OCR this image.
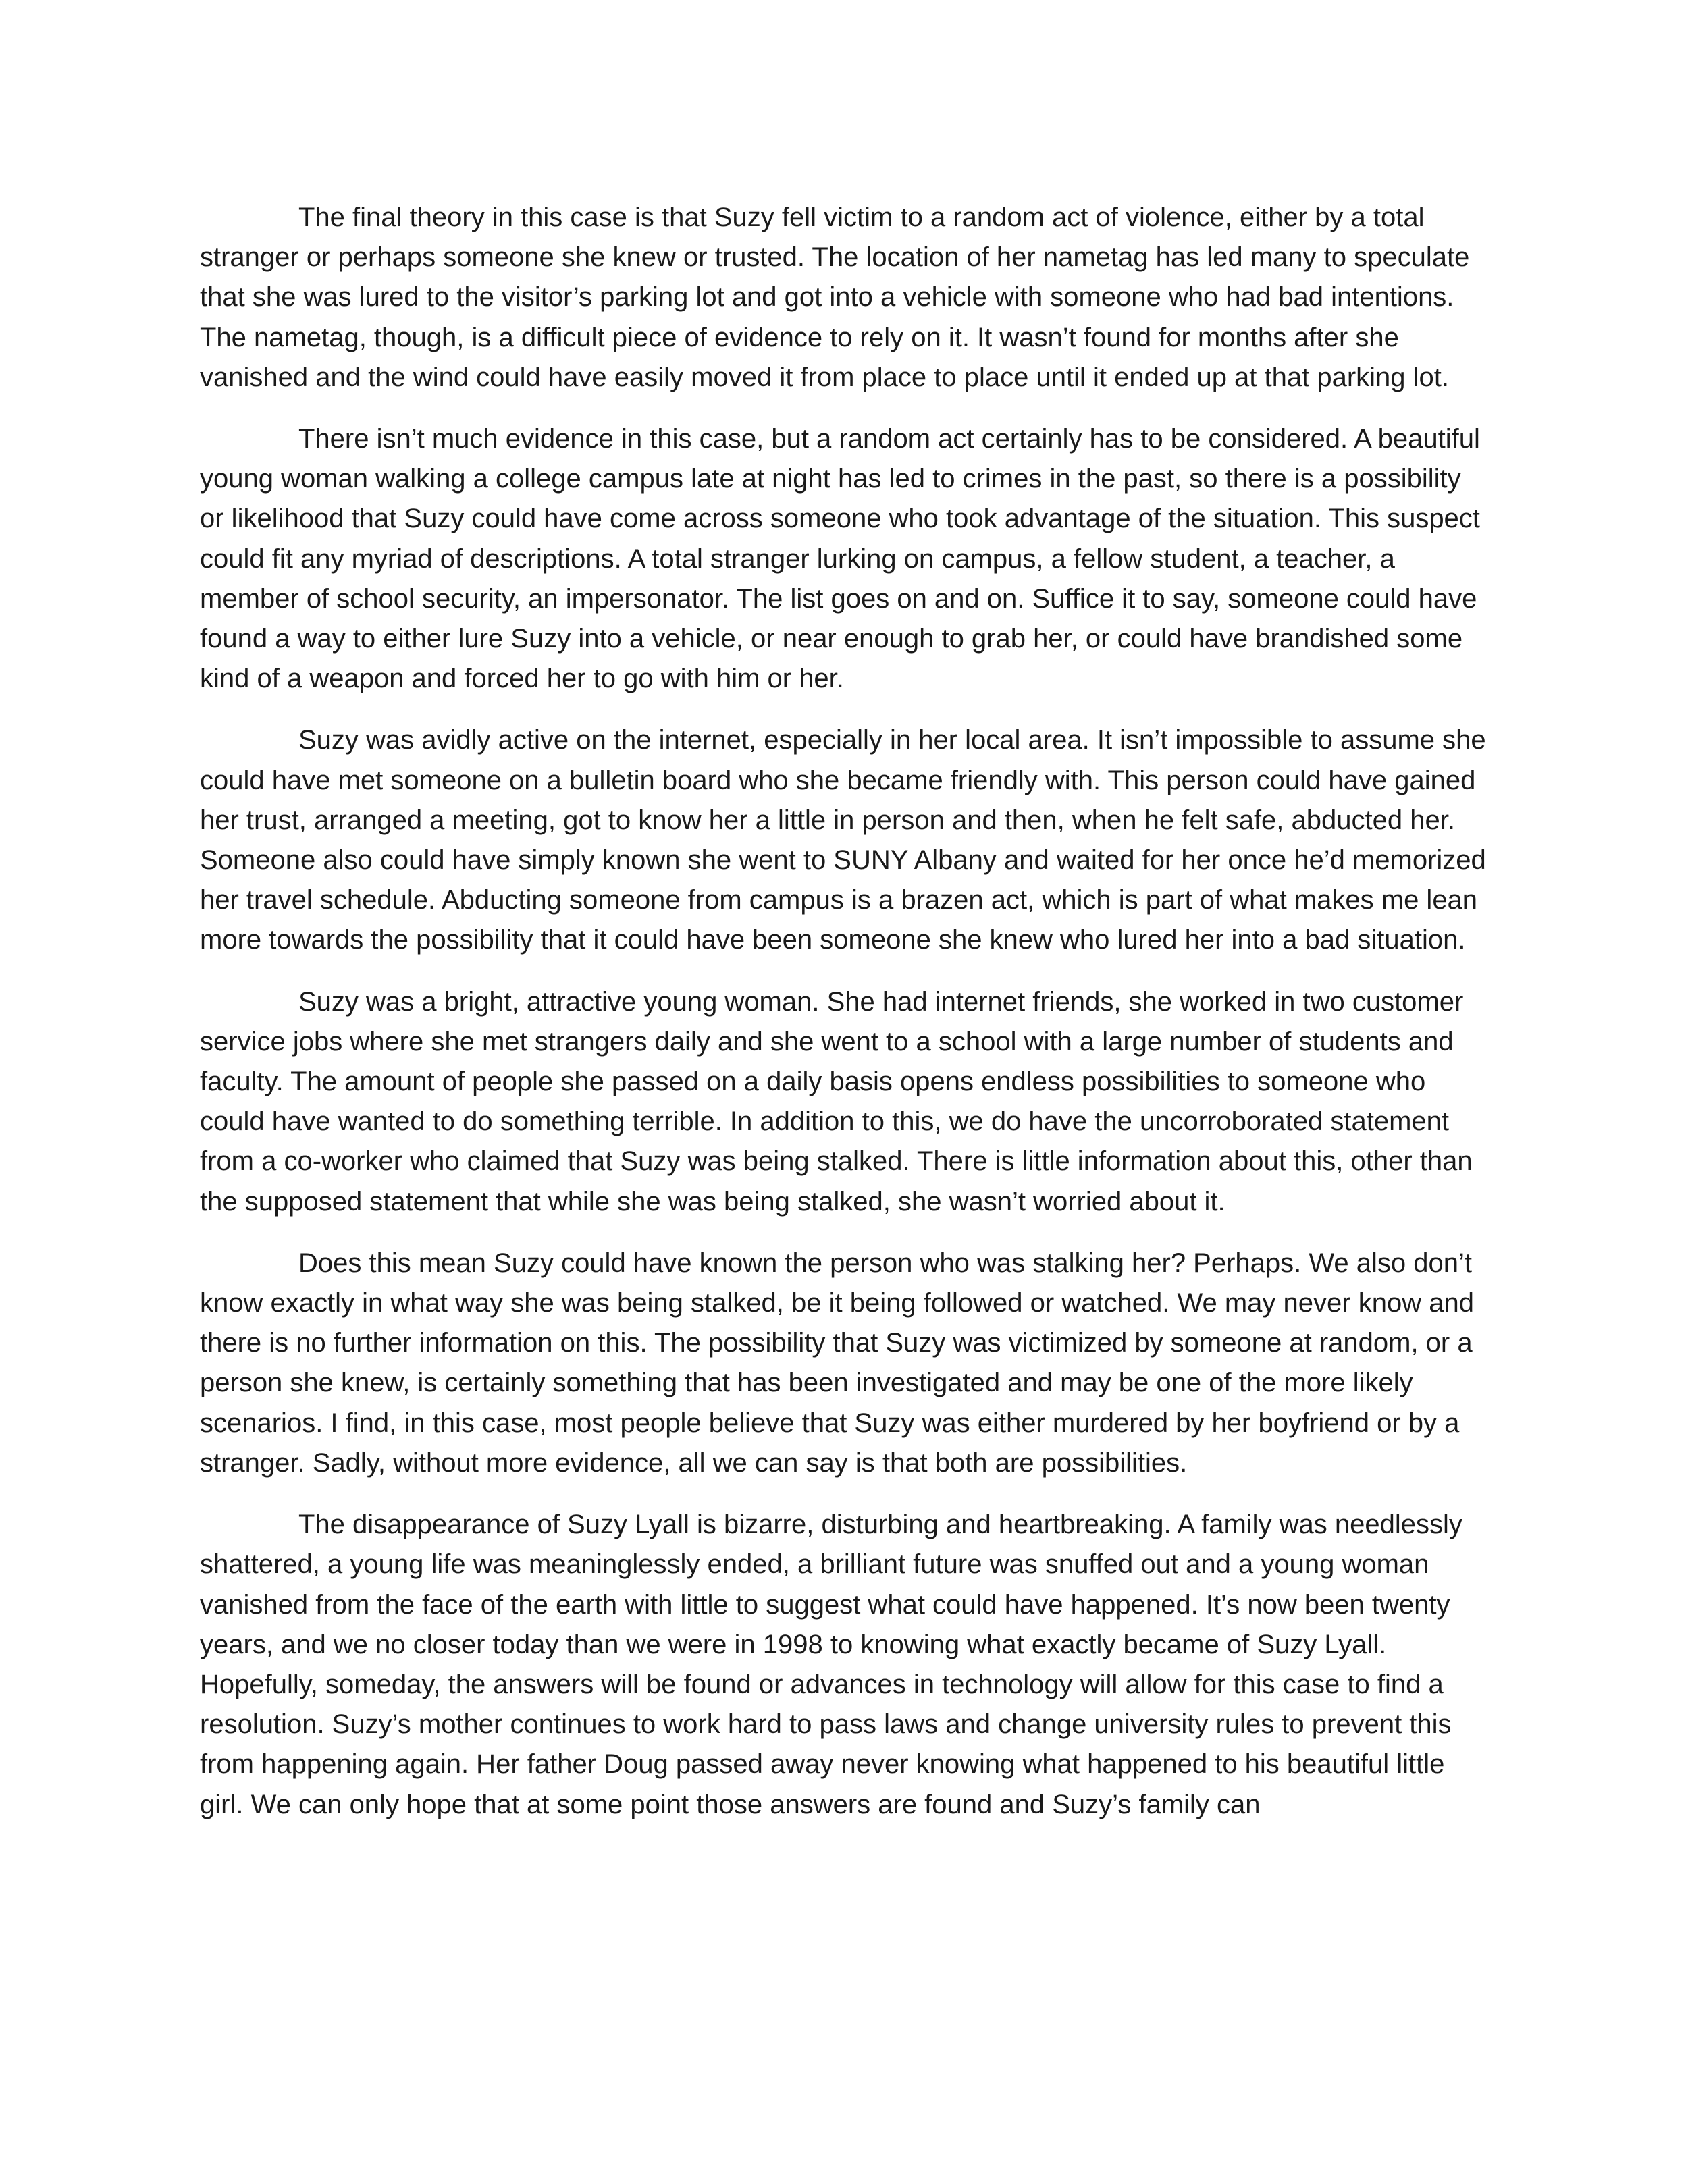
The final theory in this case is that Suzy fell victim to a random act of violence, either by a total stranger or perhaps someone she knew or trusted. The location of her nametag has led many to speculate that she was lured to the visitor’s parking lot and got into a vehicle with someone who had bad intentions. The nametag, though, is a difficult piece of evidence to rely on it. It wasn’t found for months after she vanished and the wind could have easily moved it from place to place until it ended up at that parking lot.

There isn’t much evidence in this case, but a random act certainly has to be considered. A beautiful young woman walking a college campus late at night has led to crimes in the past, so there is a possibility or likelihood that Suzy could have come across someone who took advantage of the situation. This suspect could fit any myriad of descriptions. A total stranger lurking on campus, a fellow student, a teacher, a member of school security, an impersonator. The list goes on and on. Suffice it to say, someone could have found a way to either lure Suzy into a vehicle, or near enough to grab her, or could have brandished some kind of a weapon and forced her to go with him or her.

Suzy was avidly active on the internet, especially in her local area. It isn’t impossible to assume she could have met someone on a bulletin board who she became friendly with. This person could have gained her trust, arranged a meeting, got to know her a little in person and then, when he felt safe, abducted her. Someone also could have simply known she went to SUNY Albany and waited for her once he’d memorized her travel schedule. Abducting someone from campus is a brazen act, which is part of what makes me lean more towards the possibility that it could have been someone she knew who lured her into a bad situation.

Suzy was a bright, attractive young woman. She had internet friends, she worked in two customer service jobs where she met strangers daily and she went to a school with a large number of students and faculty. The amount of people she passed on a daily basis opens endless possibilities to someone who could have wanted to do something terrible. In addition to this, we do have the uncorroborated statement from a co-worker who claimed that Suzy was being stalked. There is little information about this, other than the supposed statement that while she was being stalked, she wasn’t worried about it.

Does this mean Suzy could have known the person who was stalking her? Perhaps. We also don’t know exactly in what way she was being stalked, be it being followed or watched. We may never know and there is no further information on this. The possibility that Suzy was victimized by someone at random, or a person she knew, is certainly something that has been investigated and may be one of the more likely scenarios. I find, in this case, most people believe that Suzy was either murdered by her boyfriend or by a stranger. Sadly, without more evidence, all we can say is that both are possibilities.

The disappearance of Suzy Lyall is bizarre, disturbing and heartbreaking. A family was needlessly shattered, a young life was meaninglessly ended, a brilliant future was snuffed out and a young woman vanished from the face of the earth with little to suggest what could have happened. It’s now been twenty years, and we no closer today than we were in 1998 to knowing what exactly became of Suzy Lyall. Hopefully, someday, the answers will be found or advances in technology will allow for this case to find a resolution. Suzy’s mother continues to work hard to pass laws and change university rules to prevent this from happening again. Her father Doug passed away never knowing what happened to his beautiful little girl. We can only hope that at some point those answers are found and Suzy’s family can
